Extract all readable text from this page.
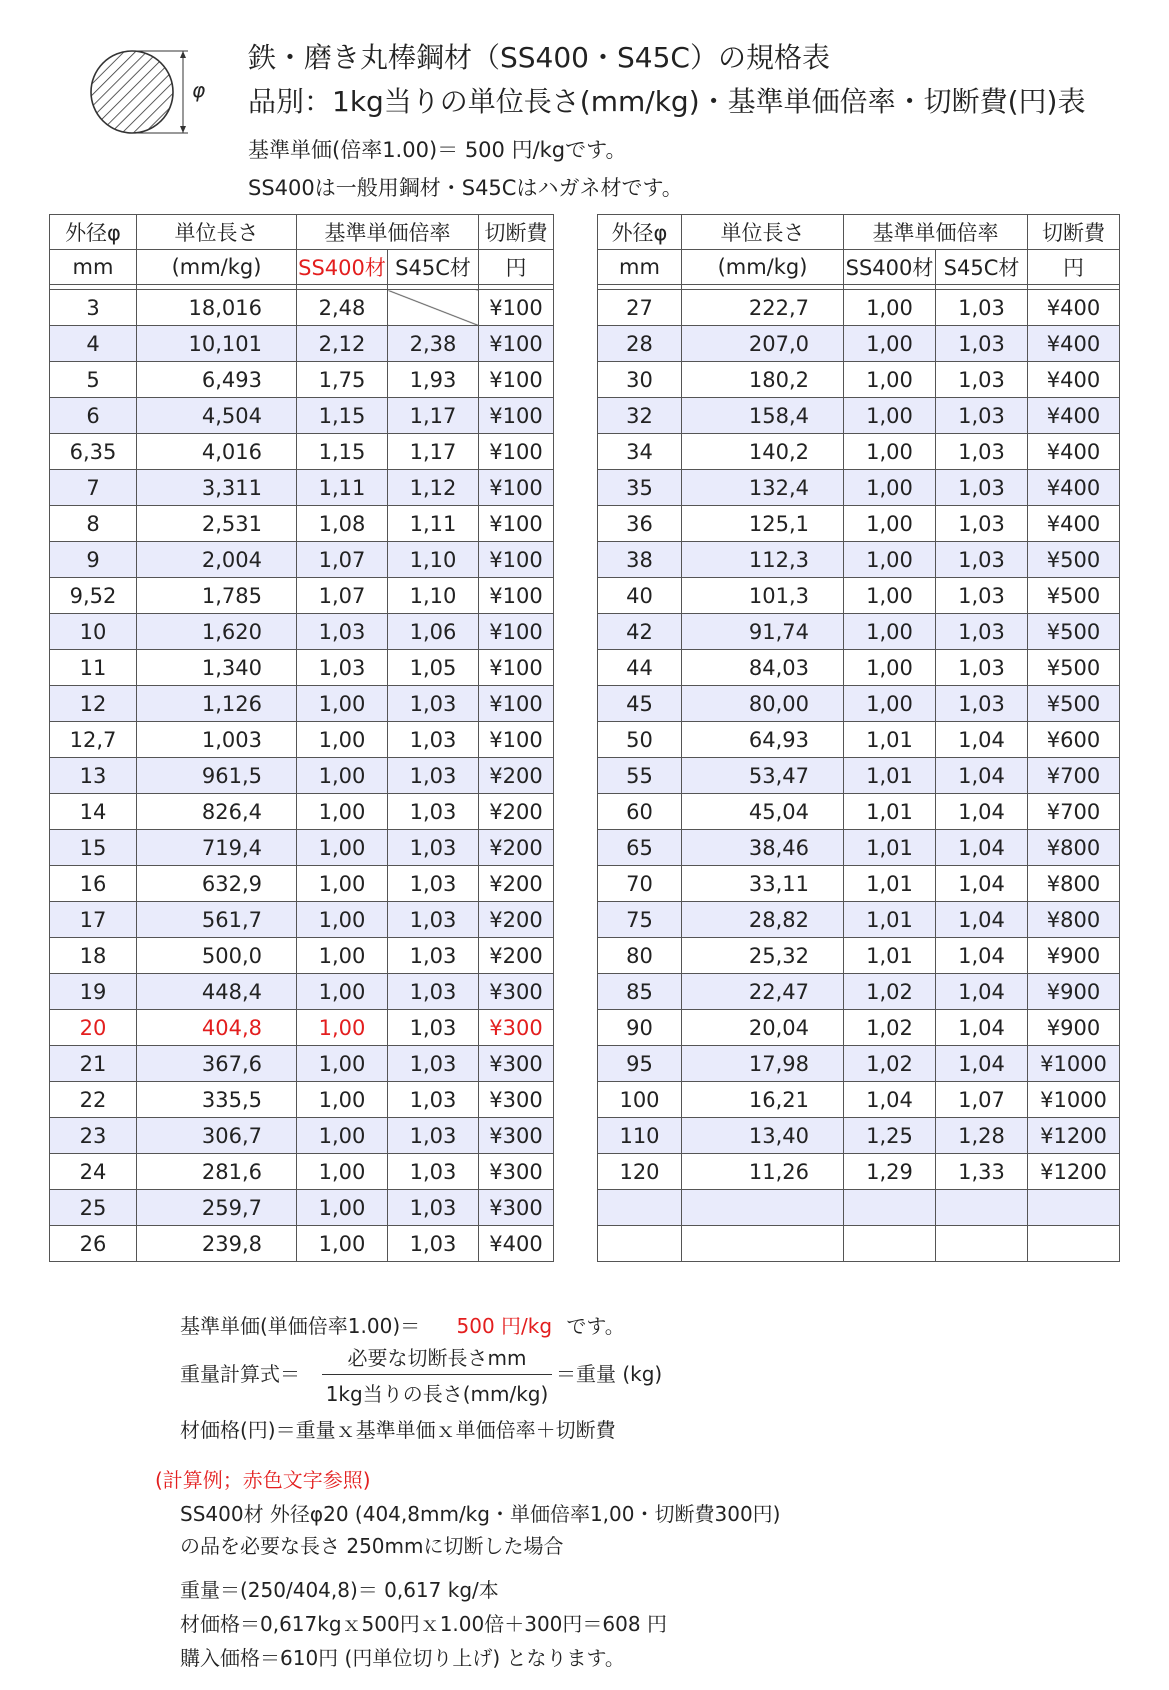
φ
鉄・磨き丸棒鋼材（SS400・S45C）の規格表
品別：1kg当りの単位長さ(mm/kg)・基準単価倍率・切断費(円)表
基準単価(倍率1.00)＝ 500 円/kgです。
SS400は一般用鋼材・S45Cはハガネ材です。
外径φ	単位長さ	基準単価倍率		切断費
mm	(mm/kg)	SS400材	S45C材	円

3	18,016	2,48		¥100
4	10,101	2,12	2,38	¥100
5	6,493	1,75	1,93	¥100
6	4,504	1,15	1,17	¥100
6,35	4,016	1,15	1,17	¥100
7	3,311	1,11	1,12	¥100
8	2,531	1,08	1,11	¥100
9	2,004	1,07	1,10	¥100
9,52	1,785	1,07	1,10	¥100
10	1,620	1,03	1,06	¥100
11	1,340	1,03	1,05	¥100
12	1,126	1,00	1,03	¥100
12,7	1,003	1,00	1,03	¥100
13	961,5	1,00	1,03	¥200
14	826,4	1,00	1,03	¥200
15	719,4	1,00	1,03	¥200
16	632,9	1,00	1,03	¥200
17	561,7	1,00	1,03	¥200
18	500,0	1,00	1,03	¥200
19	448,4	1,00	1,03	¥300
20	404,8	1,00	1,03	¥300
21	367,6	1,00	1,03	¥300
22	335,5	1,00	1,03	¥300
23	306,7	1,00	1,03	¥300
24	281,6	1,00	1,03	¥300
25	259,7	1,00	1,03	¥300
26	239,8	1,00	1,03	¥400
外径φ	単位長さ	基準単価倍率		切断費
mm	(mm/kg)	SS400材	S45C材	円

27	222,7	1,00	1,03	¥400
28	207,0	1,00	1,03	¥400
30	180,2	1,00	1,03	¥400
32	158,4	1,00	1,03	¥400
34	140,2	1,00	1,03	¥400
35	132,4	1,00	1,03	¥400
36	125,1	1,00	1,03	¥400
38	112,3	1,00	1,03	¥500
40	101,3	1,00	1,03	¥500
42	91,74	1,00	1,03	¥500
44	84,03	1,00	1,03	¥500
45	80,00	1,00	1,03	¥500
50	64,93	1,01	1,04	¥600
55	53,47	1,01	1,04	¥700
60	45,04	1,01	1,04	¥700
65	38,46	1,01	1,04	¥800
70	33,11	1,01	1,04	¥800
75	28,82	1,01	1,04	¥800
80	25,32	1,01	1,04	¥900
85	22,47	1,02	1,04	¥900
90	20,04	1,02	1,04	¥900
95	17,98	1,02	1,04	¥1000
100	16,21	1,04	1,07	¥1000
110	13,40	1,25	1,28	¥1200
120	11,26	1,29	1,33	¥1200

基準単価(単価倍率1.00)＝ 500 円/kg です。
重量計算式＝
必要な切断長さmm
1kg当りの長さ(mm/kg)
＝重量 (kg)
材価格(円)＝重量ｘ基準単価ｘ単価倍率＋切断費
(計算例；赤色文字参照)
SS400材 外径φ20 (404,8mm/kg・単価倍率1,00・切断費300円)
の品を必要な長さ 250mmに切断した場合
重量＝(250/404,8)＝ 0,617 kg/本
材価格＝0,617kgｘ500円ｘ1.00倍＋300円＝608 円
購入価格＝610円 (円単位切り上げ) となります。
